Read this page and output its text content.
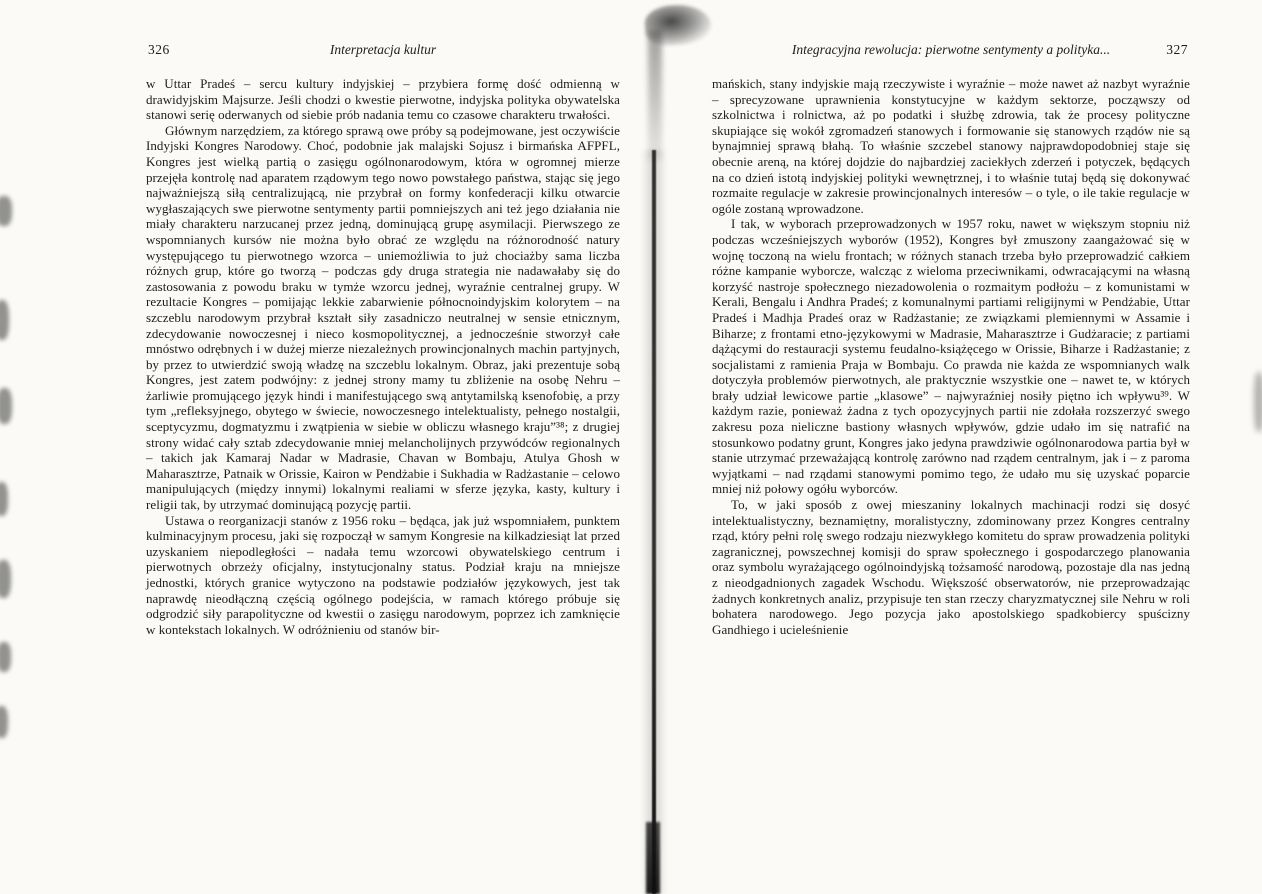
326	Interpretacja kultur

w Uttar Pradeś – sercu kultury indyjskiej – przybiera formę dość odmienną w drawidyjskim Majsurze. Jeśli chodzi o kwestie pierwotne, indyjska polityka obywatelska stanowi serię oderwanych od siebie prób nadania temu co czasowe charakteru trwałości.

Głównym narzędziem, za którego sprawą owe próby są podejmowane, jest oczywiście Indyjski Kongres Narodowy. Choć, podobnie jak malajski Sojusz i birmańska AFPFL, Kongres jest wielką partią o zasięgu ogólnonarodowym, która w ogromnej mierze przejęła kontrolę nad aparatem rządowym tego nowo powstałego państwa, stając się jego najważniejszą siłą centralizującą, nie przybrał on formy konfederacji kilku otwarcie wygłaszających swe pierwotne sentymenty partii pomniejszych ani też jego działania nie miały charakteru narzucanej przez jedną, dominującą grupę asymilacji. Pierwszego ze wspomnianych kursów nie można było obrać ze względu na różnorodność natury występującego tu pierwotnego wzorca – uniemożliwia to już chociażby sama liczba różnych grup, które go tworzą – podczas gdy druga strategia nie nadawałaby się do zastosowania z powodu braku w tymże wzorcu jednej, wyraźnie centralnej grupy. W rezultacie Kongres – pomijając lekkie zabarwienie północnoindyjskim kolorytem – na szczeblu narodowym przybrał kształt siły zasadniczo neutralnej w sensie etnicznym, zdecydowanie nowoczesnej i nieco kosmopolitycznej, a jednocześnie stworzył całe mnóstwo odrębnych i w dużej mierze niezależnych prowincjonalnych machin partyjnych, by przez to utwierdzić swoją władzę na szczeblu lokalnym. Obraz, jaki prezentuje sobą Kongres, jest zatem podwójny: z jednej strony mamy tu zbliżenie na osobę Nehru – żarliwie promującego język hindi i manifestującego swą antytamilską ksenofobię, a przy tym „refleksyjnego, obytego w świecie, nowoczesnego intelektualisty, pełnego nostalgii, sceptycyzmu, dogmatyzmu i zwątpienia w siebie w obliczu własnego kraju”³⁸; z drugiej strony widać cały sztab zdecydowanie mniej melancholijnych przywódców regionalnych – takich jak Kamaraj Nadar w Madrasie, Chavan w Bombaju, Atulya Ghosh w Maharasztrze, Patnaik w Orissie, Kairon w Pendżabie i Sukhadia w Radżastanie – celowo manipulujących (między innymi) lokalnymi realiami w sferze języka, kasty, kultury i religii tak, by utrzymać dominującą pozycję partii.

Ustawa o reorganizacji stanów z 1956 roku – będąca, jak już wspomniałem, punktem kulminacyjnym procesu, jaki się rozpoczął w samym Kongresie na kilkadziesiąt lat przed uzyskaniem niepodległości – nadała temu wzorcowi obywatelskiego centrum i pierwotnych obrzeży oficjalny, instytucjonalny status. Podział kraju na mniejsze jednostki, których granice wytyczono na podstawie podziałów językowych, jest tak naprawdę nieodłączną częścią ogólnego podejścia, w ramach którego próbuje się odgrodzić siły parapolityczne od kwestii o zasięgu narodowym, poprzez ich zamknięcie w kontekstach lokalnych. W odróżnieniu od stanów bir-

Integracyjna rewolucja: pierwotne sentymenty a polityka...	327

mańskich, stany indyjskie mają rzeczywiste i wyraźnie – może nawet aż nazbyt wyraźnie – sprecyzowane uprawnienia konstytucyjne w każdym sektorze, począwszy od szkolnictwa i rolnictwa, aż po podatki i służbę zdrowia, tak że procesy polityczne skupiające się wokół zgromadzeń stanowych i formowanie się stanowych rządów nie są bynajmniej sprawą błahą. To właśnie szczebel stanowy najprawdopodobniej staje się obecnie areną, na której dojdzie do najbardziej zaciekłych zderzeń i potyczek, będących na co dzień istotą indyjskiej polityki wewnętrznej, i to właśnie tutaj będą się dokonywać rozmaite regulacje w zakresie prowincjonalnych interesów – o tyle, o ile takie regulacje w ogóle zostaną wprowadzone.

I tak, w wyborach przeprowadzonych w 1957 roku, nawet w większym stopniu niż podczas wcześniejszych wyborów (1952), Kongres był zmuszony zaangażować się w wojnę toczoną na wielu frontach; w różnych stanach trzeba było przeprowadzić całkiem różne kampanie wyborcze, walcząc z wieloma przeciwnikami, odwracającymi na własną korzyść nastroje społecznego niezadowolenia o rozmaitym podłożu – z komunistami w Kerali, Bengalu i Andhra Pradeś; z komunalnymi partiami religijnymi w Pendżabie, Uttar Pradeś i Madhja Pradeś oraz w Radżastanie; ze związkami plemiennymi w Assamie i Biharze; z frontami etno-językowymi w Madrasie, Maharasztrze i Gudżaracie; z partiami dążącymi do restauracji systemu feudalno-książęcego w Orissie, Biharze i Radżastanie; z socjalistami z ramienia Praja w Bombaju. Co prawda nie każda ze wspomnianych walk dotyczyła problemów pierwotnych, ale praktycznie wszystkie one – nawet te, w których brały udział lewicowe partie „klasowe” – najwyraźniej nosiły piętno ich wpływu³⁹. W każdym razie, ponieważ żadna z tych opozycyjnych partii nie zdołała rozszerzyć swego zakresu poza nieliczne bastiony własnych wpływów, gdzie udało im się natrafić na stosunkowo podatny grunt, Kongres jako jedyna prawdziwie ogólnonarodowa partia był w stanie utrzymać przeważającą kontrolę zarówno nad rządem centralnym, jak i – z paroma wyjątkami – nad rządami stanowymi pomimo tego, że udało mu się uzyskać poparcie mniej niż połowy ogółu wyborców.

To, w jaki sposób z owej mieszaniny lokalnych machinacji rodzi się dosyć intelektualistyczny, beznamiętny, moralistyczny, zdominowany przez Kongres centralny rząd, który pełni rolę swego rodzaju niezwykłego komitetu do spraw prowadzenia polityki zagranicznej, powszechnej komisji do spraw społecznego i gospodarczego planowania oraz symbolu wyrażającego ogólnoindyjską tożsamość narodową, pozostaje dla nas jedną z nieodgadnionych zagadek Wschodu. Większość obserwatorów, nie przeprowadzając żadnych konkretnych analiz, przypisuje ten stan rzeczy charyzmatycznej sile Nehru w roli bohatera narodowego. Jego pozycja jako apostolskiego spadkobiercy spuścizny Gandhiego i ucieleśnienie
